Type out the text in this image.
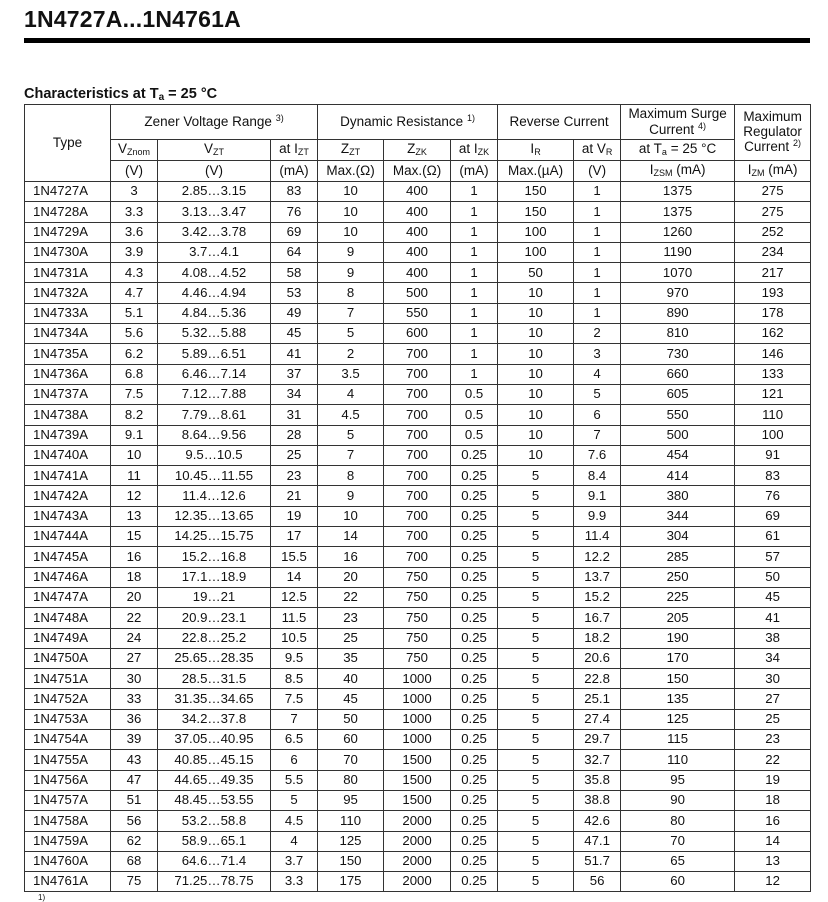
1N4727A...1N4761A
Characteristics at $T_a = 25$ °C
Type	Zener Voltage Range $^{3)}$			Dynamic Resistance $^{1)}$			Reverse Current		Maximum Surge Current $^{4)}$	Maximum Regulator Current $^{2)}$
	$V_{Znom}$	$V_{ZT}$	at $I_{ZT}$	$Z_{ZT}$	$Z_{ZK}$	at $I_{ZK}$	$I_R$	at $V_R$	at $T_a = 25$ °C	
	(V)	(V)	(mA)	Max.(Ω)	Max.(Ω)	(mA)	Max.(µA)	(V)	$I_{ZSM}$ (mA)	$I_{ZM}$ (mA)
1N4727A	3	2.85…3.15	83	10	400	1	150	1	1375	275
1N4728A	3.3	3.13…3.47	76	10	400	1	150	1	1375	275
1N4729A	3.6	3.42…3.78	69	10	400	1	100	1	1260	252
1N4730A	3.9	3.7…4.1	64	9	400	1	100	1	1190	234
1N4731A	4.3	4.08…4.52	58	9	400	1	50	1	1070	217
1N4732A	4.7	4.46…4.94	53	8	500	1	10	1	970	193
1N4733A	5.1	4.84…5.36	49	7	550	1	10	1	890	178
1N4734A	5.6	5.32…5.88	45	5	600	1	10	2	810	162
1N4735A	6.2	5.89…6.51	41	2	700	1	10	3	730	146
1N4736A	6.8	6.46…7.14	37	3.5	700	1	10	4	660	133
1N4737A	7.5	7.12…7.88	34	4	700	0.5	10	5	605	121
1N4738A	8.2	7.79…8.61	31	4.5	700	0.5	10	6	550	110
1N4739A	9.1	8.64…9.56	28	5	700	0.5	10	7	500	100
1N4740A	10	9.5…10.5	25	7	700	0.25	10	7.6	454	91
1N4741A	11	10.45…11.55	23	8	700	0.25	5	8.4	414	83
1N4742A	12	11.4…12.6	21	9	700	0.25	5	9.1	380	76
1N4743A	13	12.35…13.65	19	10	700	0.25	5	9.9	344	69
1N4744A	15	14.25…15.75	17	14	700	0.25	5	11.4	304	61
1N4745A	16	15.2…16.8	15.5	16	700	0.25	5	12.2	285	57
1N4746A	18	17.1…18.9	14	20	750	0.25	5	13.7	250	50
1N4747A	20	19…21	12.5	22	750	0.25	5	15.2	225	45
1N4748A	22	20.9…23.1	11.5	23	750	0.25	5	16.7	205	41
1N4749A	24	22.8…25.2	10.5	25	750	0.25	5	18.2	190	38
1N4750A	27	25.65…28.35	9.5	35	750	0.25	5	20.6	170	34
1N4751A	30	28.5…31.5	8.5	40	1000	0.25	5	22.8	150	30
1N4752A	33	31.35…34.65	7.5	45	1000	0.25	5	25.1	135	27
1N4753A	36	34.2…37.8	7	50	1000	0.25	5	27.4	125	25
1N4754A	39	37.05…40.95	6.5	60	1000	0.25	5	29.7	115	23
1N4755A	43	40.85…45.15	6	70	1500	0.25	5	32.7	110	22
1N4756A	47	44.65…49.35	5.5	80	1500	0.25	5	35.8	95	19
1N4757A	51	48.45…53.55	5	95	1500	0.25	5	38.8	90	18
1N4758A	56	53.2…58.8	4.5	110	2000	0.25	5	42.6	80	16
1N4759A	62	58.9…65.1	4	125	2000	0.25	5	47.1	70	14
1N4760A	68	64.6…71.4	3.7	150	2000	0.25	5	51.7	65	13
1N4761A	75	71.25…78.75	3.3	175	2000	0.25	5	56	60	12
1)
